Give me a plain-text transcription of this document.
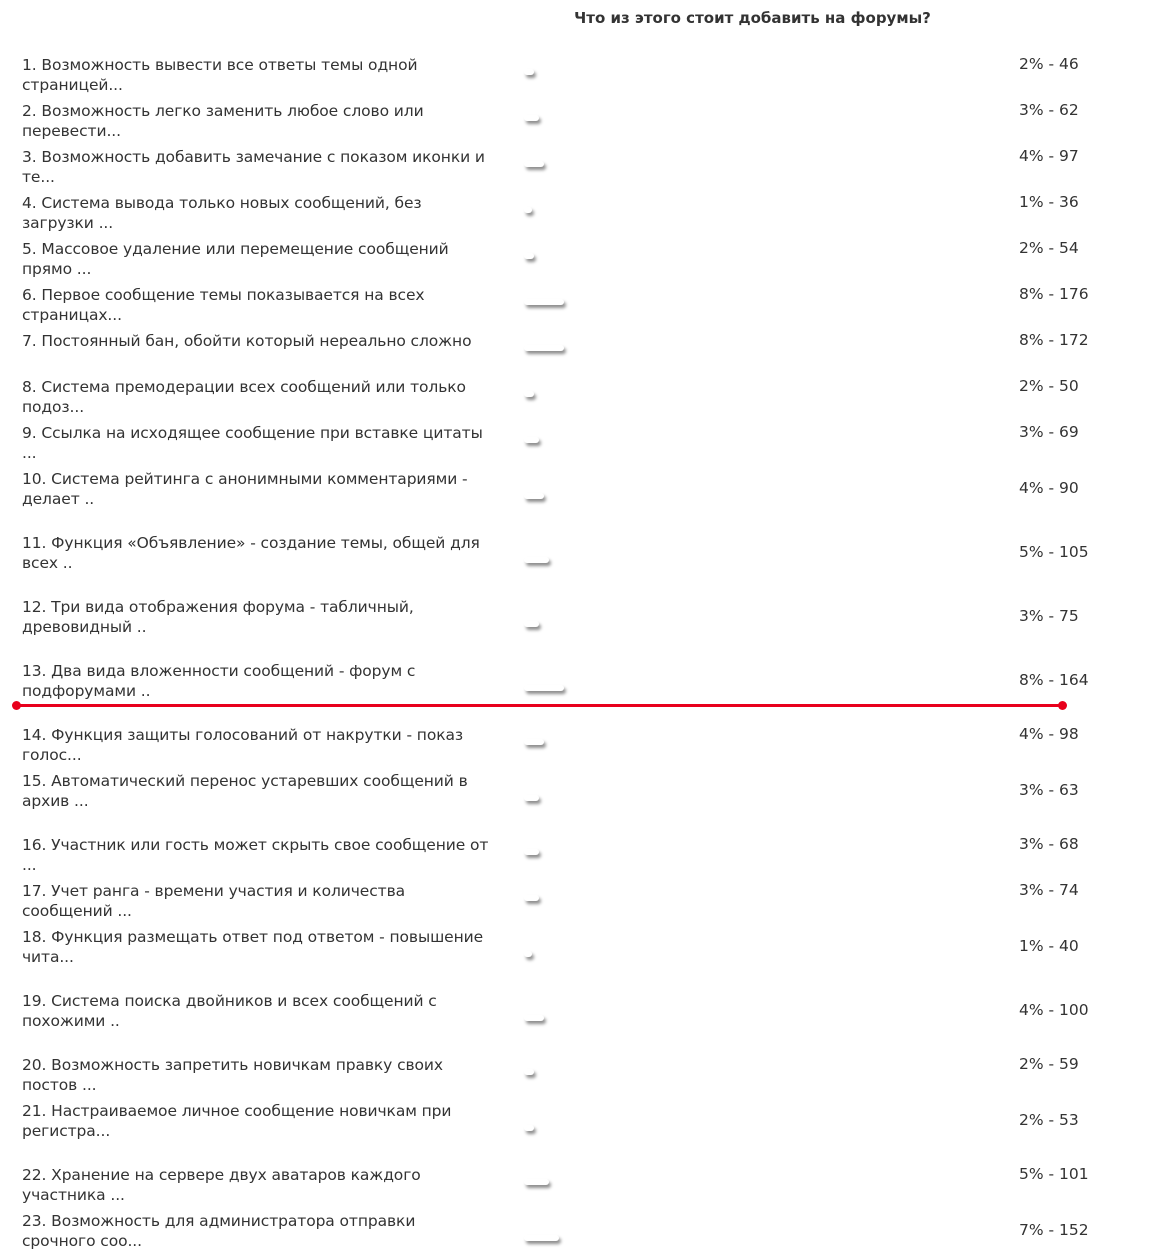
Что из этого стоит добавить на форумы?
1. Возможность вывести все ответы темы одной страницей...
2% - 46
2. Возможность легко заменить любое слово или перевести...
3% - 62
3. Возможность добавить замечание с показом иконки и те...
4% - 97
4. Система вывода только новых сообщений, без загрузки ...
1% - 36
5. Массовое удаление или перемещение сообщений прямо ...
2% - 54
6. Первое сообщение темы показывается на всех страницах...
8% - 176
7. Постоянный бан, обойти который нереально сложно	8% - 172
8. Система премодерации всех сообщений или только подоз...
2% - 50
9. Ссылка на исходящее сообщение при вставке цитаты ...
3% - 69
10. Система рейтинга с анонимными комментариями - делает ..
4% - 90
11. Функция «Объявление» - создание темы, общей для всех ..
5% - 105
12. Три вида отображения форума - табличный, древовидный ..
3% - 75
13. Два вида вложенности сообщений - форум с подфорумами ..
8% - 164
14. Функция защиты голосований от накрутки - показ голос...
4% - 98
15. Автоматический перенос устаревших сообщений в архив ...
3% - 63
16. Участник или гость может скрыть свое сообщение от ...
3% - 68
17. Учет ранга - времени участия и количества сообщений ...
3% - 74
18. Функция размещать ответ под ответом - повышение чита...
1% - 40
19. Система поиска двойников и всех сообщений с похожими ..
4% - 100
20. Возможность запретить новичкам правку своих постов ...
2% - 59
21. Настраиваемое личное сообщение новичкам при регистра...
2% - 53
22. Хранение на сервере двух аватаров каждого участника ...
5% - 101
23. Возможность для администратора отправки срочного соо...
7% - 152
